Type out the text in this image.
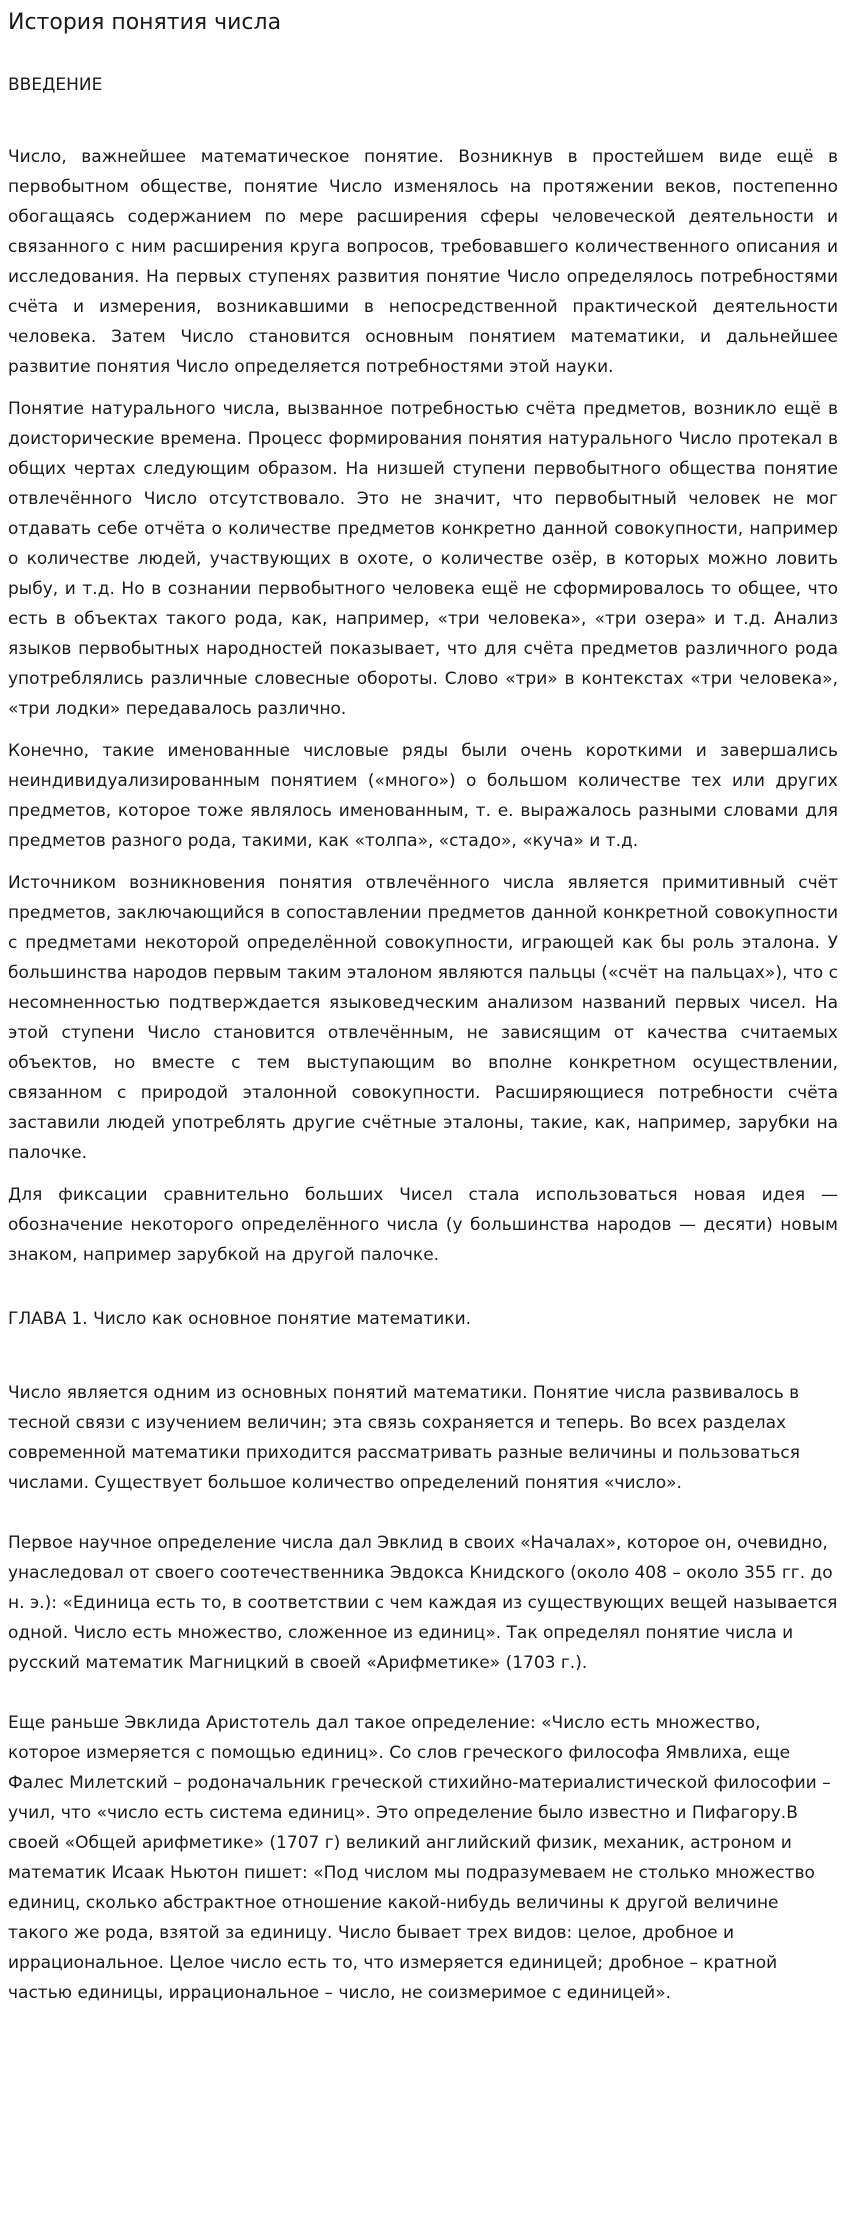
История понятия числа
ВВЕДЕНИЕ

Число, важнейшее математическое понятие. Возникнув в простейшем виде ещё в первобытном обществе, понятие Число изменялось на протяжении веков, постепенно обогащаясь содержанием по мере расширения сферы человеческой деятельности и связанного с ним расширения круга вопросов, требовавшего количественного описания и исследования. На первых ступенях развития понятие Число определялось потребностями счёта и измерения, возникавшими в непосредственной практической деятельности человека. Затем Число становится основным понятием математики, и дальнейшее развитие понятия Число определяется потребностями этой науки.

Понятие натурального числа, вызванное потребностью счёта предметов, возникло ещё в доисторические времена. Процесс формирования понятия натурального Число протекал в общих чертах следующим образом. На низшей ступени первобытного общества понятие отвлечённого Число отсутствовало. Это не значит, что первобытный человек не мог отдавать себе отчёта о количестве предметов конкретно данной совокупности, например о количестве людей, участвующих в охоте, о количестве озёр, в которых можно ловить рыбу, и т.д. Но в сознании первобытного человека ещё не сформировалось то общее, что есть в объектах такого рода, как, например, «три человека», «три озера» и т.д. Анализ языков первобытных народностей показывает, что для счёта предметов различного рода употреблялись различные словесные обороты. Слово «три» в контекстах «три человека», «три лодки» передавалось различно.

Конечно, такие именованные числовые ряды были очень короткими и завершались неиндивидуализированным понятием («много») о большом количестве тех или других предметов, которое тоже являлось именованным, т. е. выражалось разными словами для предметов разного рода, такими, как «толпа», «стадо», «куча» и т.д.

Источником возникновения понятия отвлечённого числа является примитивный счёт предметов, заключающийся в сопоставлении предметов данной конкретной совокупности с предметами некоторой определённой совокупности, играющей как бы роль эталона. У большинства народов первым таким эталоном являются пальцы («счёт на пальцах»), что с несомненностью подтверждается языковедческим анализом названий первых чисел. На этой ступени Число становится отвлечённым, не зависящим от качества считаемых объектов, но вместе с тем выступающим во вполне конкретном осуществлении, связанном с природой эталонной совокупности. Расширяющиеся потребности счёта заставили людей употреблять другие счётные эталоны, такие, как, например, зарубки на палочке.

Для фиксации сравнительно больших Чисел стала использоваться новая идея — обозначение некоторого определённого числа (у большинства народов — десяти) новым знаком, например зарубкой на другой палочке.

ГЛАВА 1. Число как основное понятие математики.

Число является одним из основных понятий математики. Понятие числа развивалось в тесной связи с изучением величин; эта связь сохраняется и теперь. Во всех разделах современной математики приходится рассматривать разные величины и пользоваться числами. Существует большое количество определений понятия «число».

Первое научное определение числа дал Эвклид в своих «Началах», которое он, очевидно, унаследовал от своего соотечественника Эвдокса Книдского (около 408 – около 355 гг. до н. э.): «Единица есть то, в соответствии с чем каждая из существующих вещей называется одной. Число есть множество, сложенное из единиц». Так определял понятие числа и русский математик Магницкий в своей «Арифметике» (1703 г.).

Еще раньше Эвклида Аристотель дал такое определение: «Число есть множество, которое измеряется с помощью единиц». Со слов греческого философа Ямвлиха, еще Фалес Милетский – родоначальник греческой стихийно-материалистической философии – учил, что «число есть система единиц». Это определение было известно и Пифагору.В своей «Общей арифметике» (1707 г) великий английский физик, механик, астроном и математик Исаак Ньютон пишет: «Под числом мы подразумеваем не столько множество единиц, сколько абстрактное отношение какой-нибудь величины к другой величине такого же рода, взятой за единицу. Число бывает трех видов: целое, дробное и иррациональное. Целое число есть то, что измеряется единицей; дробное – кратной частью единицы, иррациональное – число, не соизмеримое с единицей».
